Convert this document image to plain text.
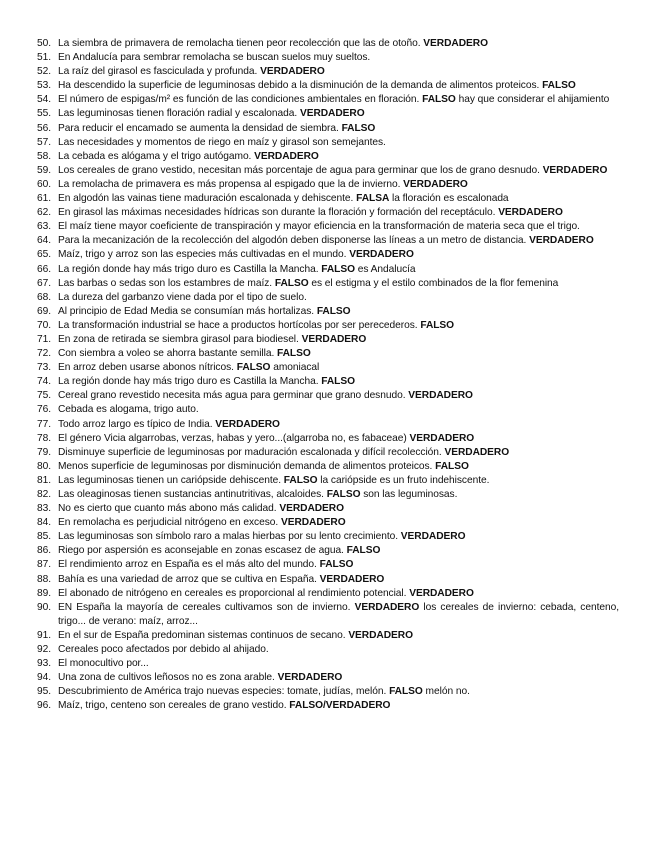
50. La siembra de primavera de remolacha tienen peor recolección que las de otoño. VERDADERO
51. En Andalucía para sembrar remolacha se buscan suelos muy sueltos.
52. La raíz del girasol es fasciculada y profunda. VERDADERO
53. Ha descendido la superficie de leguminosas debido a la disminución de la demanda de alimentos proteicos. FALSO
54. El número de espigas/m² es función de las condiciones ambientales en floración. FALSO hay que considerar el ahijamiento
55. Las leguminosas tienen floración radial y escalonada. VERDADERO
56. Para reducir el encamado se aumenta la densidad de siembra. FALSO
57. Las necesidades y momentos de riego en maíz y girasol son semejantes.
58. La cebada es alógama y el trigo autógamo. VERDADERO
59. Los cereales de grano vestido, necesitan más porcentaje de agua para germinar que los de grano desnudo. VERDADERO
60. La remolacha de primavera es más propensa al espigado que la de invierno. VERDADERO
61. En algodón las vainas tiene maduración escalonada y dehiscente. FALSA la floración es escalonada
62. En girasol las máximas necesidades hídricas son durante la floración y formación del receptáculo. VERDADERO
63. El maíz tiene mayor coeficiente de transpiración y mayor eficiencia en la transformación de materia seca que el trigo.
64. Para la mecanización de la recolección del algodón deben disponerse las líneas a un metro de distancia. VERDADERO
65. Maíz, trigo y arroz son las especies más cultivadas en el mundo. VERDADERO
66. La región donde hay más trigo duro es Castilla la Mancha. FALSO es Andalucía
67. Las barbas o sedas son los estambres de maíz. FALSO es el estigma y el estilo combinados de la flor femenina
68. La dureza del garbanzo viene dada por el tipo de suelo.
69. Al principio de Edad Media se consumían más hortalizas. FALSO
70. La transformación industrial se hace a productos hortícolas por ser perecederos. FALSO
71. En zona de retirada se siembra girasol para biodiesel. VERDADERO
72. Con siembra a voleo se ahorra bastante semilla. FALSO
73. En arroz deben usarse abonos nítricos. FALSO amoniacal
74. La región donde hay más trigo duro es Castilla la Mancha. FALSO
75. Cereal grano revestido necesita más agua para germinar que grano desnudo. VERDADERO
76. Cebada es alogama, trigo auto.
77. Todo arroz largo es típico de India. VERDADERO
78. El género Vicia algarrobas, verzas, habas y yero...(algarroba no, es fabaceae) VERDADERO
79. Disminuye superficie de leguminosas por maduración escalonada y difícil recolección. VERDADERO
80. Menos superficie de leguminosas por disminución demanda de alimentos proteicos. FALSO
81. Las leguminosas tienen un cariópside dehiscente. FALSO la cariópside es un fruto indehiscente.
82. Las oleaginosas tienen sustancias antinutritivas, alcaloides. FALSO son las leguminosas.
83. No es cierto que cuanto más abono más calidad. VERDADERO
84. En remolacha es perjudicial nitrógeno en exceso. VERDADERO
85. Las leguminosas son símbolo raro a malas hierbas por su lento crecimiento. VERDADERO
86. Riego por aspersión es aconsejable en zonas escasez de agua. FALSO
87. El rendimiento arroz en España es el más alto del mundo. FALSO
88. Bahía es una variedad de arroz que se cultiva en España. VERDADERO
89. El abonado de nitrógeno en cereales es proporcional al rendimiento potencial. VERDADERO
90. EN España la mayoría de cereales cultivamos son de invierno. VERDADERO los cereales de invierno: cebada, centeno, trigo... de verano: maíz, arroz...
91. En el sur de España predominan sistemas continuos de secano. VERDADERO
92. Cereales poco afectados por debido al ahijado.
93. El monocultivo por...
94. Una zona de cultivos leñosos no es zona arable. VERDADERO
95. Descubrimiento de América trajo nuevas especies: tomate, judías, melón. FALSO melón no.
96. Maíz, trigo, centeno son cereales de grano vestido. FALSO/VERDADERO
